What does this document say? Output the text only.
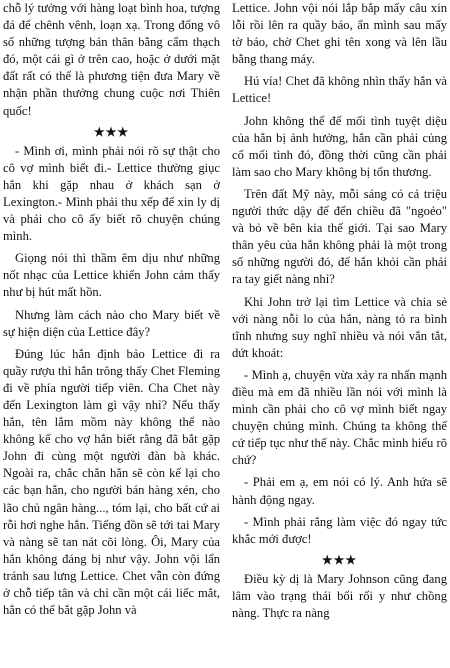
chỗ lý tưởng với hàng loạt bình hoa, tượng đá để chênh vênh, loạn xạ. Trong đống vô số những tượng bán thân bằng cẩm thạch đó, một cái gì ở trên cao, hoặc ở dưới mặt đất rất có thể là phương tiện đưa Mary về nhận phần thưởng chung cuộc nơi Thiên quốc!

★★★

- Mình ơi, mình phải nói rõ sự thật cho cô vợ mình biết đi.- Lettice thường giục hắn khi gặp nhau ở khách sạn ở Lexington.- Mình phải thu xếp để xin ly dị và phải cho cô ấy biết rõ chuyện chúng mình.

Giọng nói thì thầm êm dịu như những nốt nhạc của Lettice khiến John cảm thấy như bị hút mất hồn.

Nhưng làm cách nào cho Mary biết về sự hiện diện của Lettice đây?

Đúng lúc hắn định bảo Lettice đi ra quầy rượu thì hắn trông thấy Chet Fleming đi về phía người tiếp viên. Cha Chet này đến Lexington làm gì vậy nhỉ? Nếu thấy hắn, tên lắm mồm này không thể nào không kể cho vợ hắn biết rằng đã bắt gặp John đi cùng một người đàn bà khác. Ngoài ra, chắc chắn hắn sẽ còn kể lại cho các bạn hắn, cho người bán hàng xén, cho lão chủ ngân hàng..., tóm lại, cho bất cứ ai rỗi hơi nghe hắn. Tiếng đồn sẽ tới tai Mary và nàng sẽ tan nát cõi lòng. Ôi, Mary của hắn không đáng bị như vậy. John vội lẩn tránh sau lưng Lettice. Chet vẫn còn đứng ở chỗ tiếp tân và chỉ cần một cái liếc mắt, hắn có thể bắt gặp John và

Lettice. John vội nói lắp bắp mấy câu xin lỗi rồi lên ra quầy báo, ẩn mình sau mấy tờ báo, chờ Chet ghi tên xong và lên lầu bằng thang máy.

Hú vía! Chet đã không nhìn thấy hắn và Lettice!

John không thể để mối tình tuyệt diệu của hắn bị ảnh hưởng, hắn cần phải củng cố mối tình đó, đồng thời cũng cần phải làm sao cho Mary không bị tổn thương.

Trên đất Mỹ này, mỗi sáng có cả triệu người thức dậy để đến chiều đã "ngoẻo" và bỏ về bên kia thế giới. Tại sao Mary thân yêu của hắn không phải là một trong số những người đó, để hắn khỏi cần phải ra tay giết nàng nhỉ?

Khi John trở lại tìm Lettice và chia sẻ với nàng nỗi lo của hắn, nàng tỏ ra bình tĩnh nhưng suy nghĩ nhiều và nói vắn tắt, dứt khoát:

- Mình ạ, chuyện vừa xảy ra nhấn mạnh điều mà em đã nhiều lần nói với mình là mình cần phải cho cô vợ mình biết ngay chuyện chúng mình. Chúng ta không thể cứ tiếp tục như thế này. Chắc mình hiểu rõ chứ?

- Phải em ạ, em nói có lý. Anh hứa sẽ hành động ngay.

- Mình phải rắng làm việc đó ngay tức khắc mới được!

★★★

Điều kỳ dị là Mary Johnson cũng đang lâm vào trạng thái bối rối y như chồng nàng. Thực ra nàng
